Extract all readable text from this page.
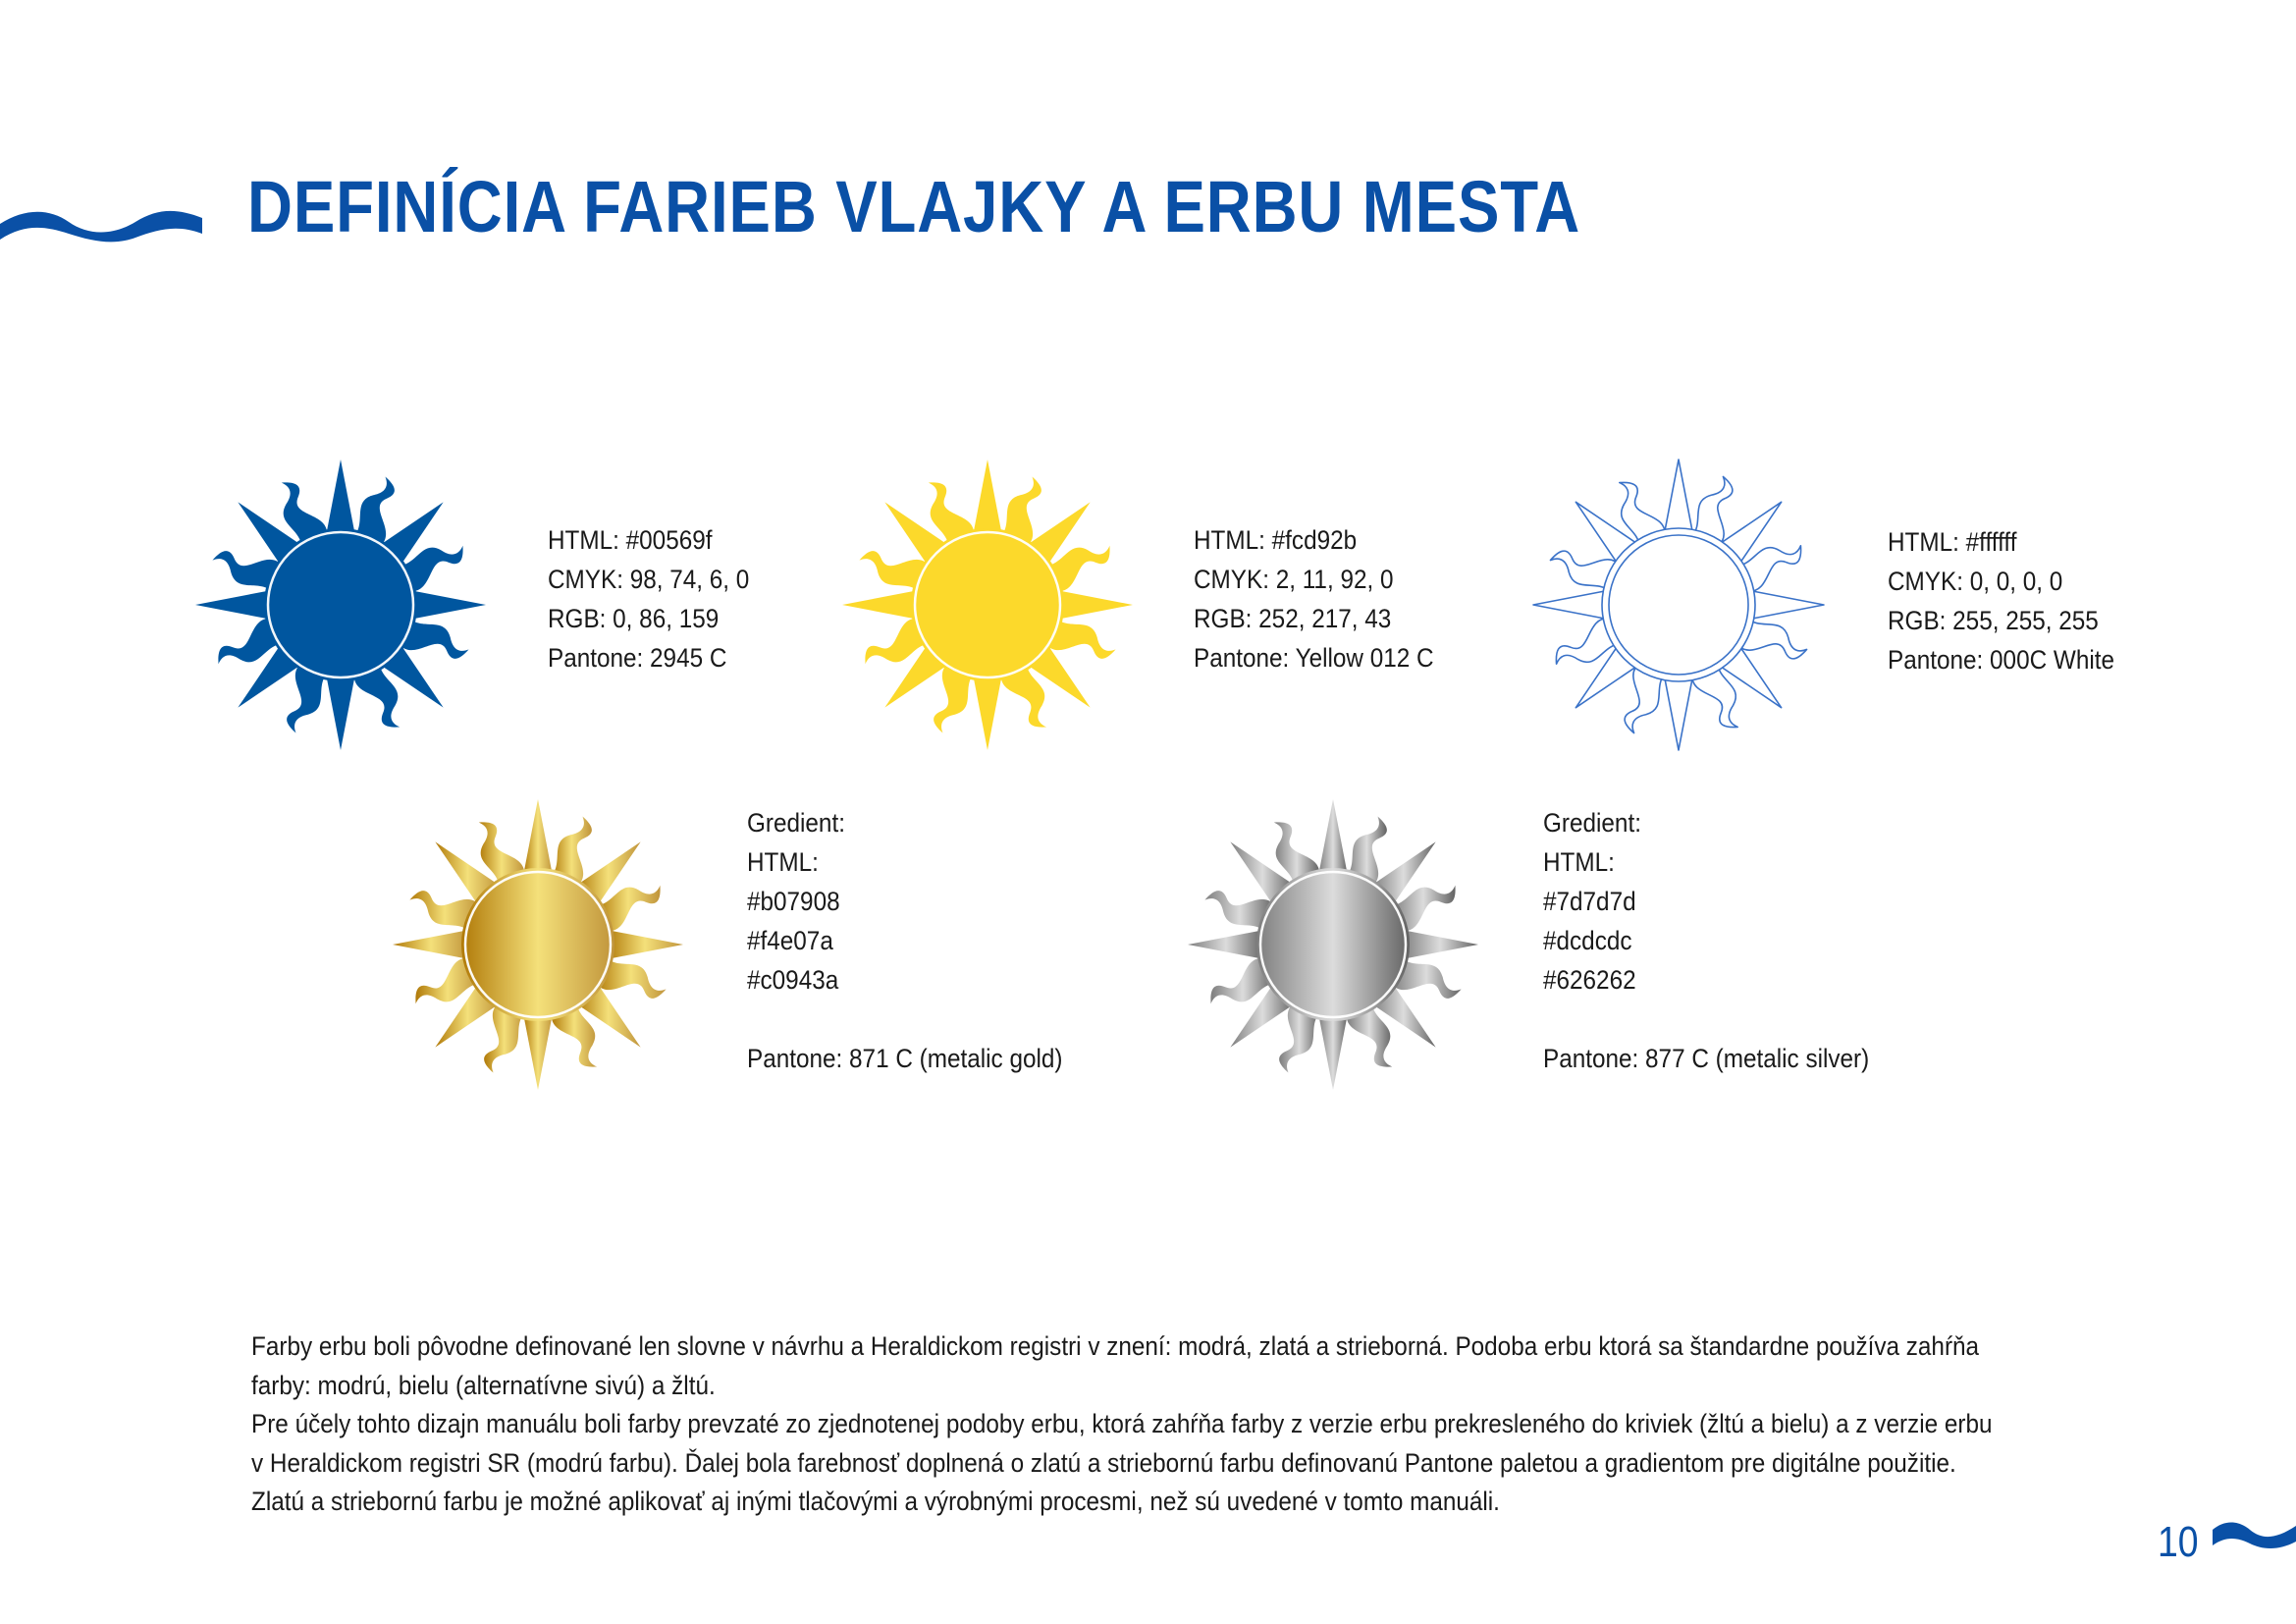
DEFINÍCIA FARIEB VLAJKY A ERBU MESTA
HTML: #00569f
CMYK: 98, 74, 6, 0
RGB: 0, 86, 159
Pantone: 2945 C
HTML: #fcd92b
CMYK: 2, 11, 92, 0
RGB: 252, 217, 43
Pantone: Yellow 012 C
HTML: #ffffff
CMYK: 0, 0, 0, 0
RGB: 255, 255, 255
Pantone: 000C White
Gredient:
HTML:
#b07908
#f4e07a
#c0943a
Pantone: 871 C (metalic gold)
Gredient:
HTML:
#7d7d7d
#dcdcdc
#626262
Pantone: 877 C (metalic silver)

Farby erbu boli pôvodne definované len slovne v návrhu a Heraldickom registri v znení: modrá, zlatá a strieborná. Podoba erbu ktorá sa štandardne používa zahŕňa

farby: modrú, bielu (alternatívne sivú) a žltú.

Pre účely tohto dizajn manuálu boli farby prevzaté zo zjednotenej podoby erbu, ktorá zahŕňa farby z verzie erbu prekresleného do kriviek (žltú a bielu) a z verzie erbu

v Heraldickom registri SR (modrú farbu). Ďalej bola farebnosť doplnená o zlatú a striebornú farbu definovanú Pantone paletou a gradientom pre digitálne použitie.

Zlatú a striebornú farbu je možné aplikovať aj inými tlačovými a výrobnými procesmi, než sú uvedené v tomto manuáli.

10
